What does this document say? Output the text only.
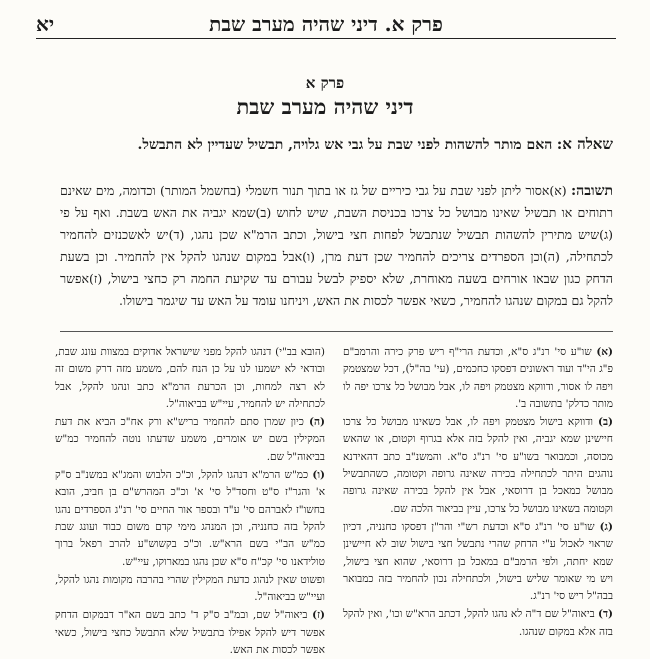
פרק א. דיני שהיה מערב שבת
יא
פרק א
דיני שהיה מערב שבת
שאלה א: האם מותר להשהות לפני שבת על גבי אש גלויה, תבשיל שעדיין לא התבשל.
תשובה: (א)אסור ליתן לפני שבת על גבי כיריים של גז או בתוך תנור חשמלי (בחשמל המותר) וכדומה, מים שאינם רתוחים או תבשיל שאינו מבושל כל צרכו בכניסת השבת, שיש לחוש (ב)שמא יגביה את האש בשבת. ואף על פי (ג)שיש מתירין להשהות תבשיל שנתבשל לפחות חצי בישול, וכתב הרמ"א שכן נהגו, (ד)יש לאשכנזים להחמיר לכתחילה, (ה)וכן הספרדים צריכים להחמיר שכן דעת מרן, (ו)אבל במקום שנהגו להקל אין להחמיר. וכן בשעת הדחק כגון שבאו אורחים בשעה מאוחרת, שלא יספיק לבשל עבורם עד שקיעת החמה רק כחצי בישול, (ז)אפשר להקל גם במקום שנהגו להחמיר, כשאי אפשר לכסות את האש, ויניחנו עומד על האש עד שיגמר בישולו.

(א) שו"ע סי' רנ"ג ס"א, וכדעת הרי"ף ריש פרק כירה והרמב"ם פ"ג הי"ד ועוד ראשונים דפסקו כחכמים, (עי' בה"ל), דכל שמצטמק ויפה לו אסור, ודווקא מצטמק ויפה לו, אבל מבושל כל צרכו יפה לו מותר כדלק' בתשובה ב'.

(ב) ודווקא בישול מצטמק ויפה לו, אבל כשאינו מבושל כל צרכו חיישינן שמא יגביה, ואין להקל בזה אלא בגרוף וקטום, או שהאש מכוסה, וכמבואר בשו"ע סי' רנ"ג ס"א. והמשנ"ב כתב דהאידנא נוהגים היתר לכתחילה בכירה שאינה גרופה וקטומה, כשהתבשיל מבושל כמאכל בן דרוסאי, אבל אין להקל בכירה שאינה גרופה וקטומה בשאינו מבושל כל צרכו, עיין בביאור הלכה שם.

(ג) שו"ע סי' רנ"ג ס"א וכדעת רש"י והר"ן דפסקו כחנניה, דכיון שראוי לאכול ע"י הדחק שהרי נתבשל חצי בישול שוב לא חיישינן שמא יחתה, ולפי הרמב"ם במאכל בן דרוסאי, שהוא חצי בישול, ויש מי שאומר שליש בישול, ולכתחילה נכון להחמיר בזה כמבואר בבה"ל ריש סי' רנ"ג.

(ד) ביאוה"ל שם ד"ה לא נהגו להקל, דכתב הרא"ש וכו', ואין להקל בזה אלא במקום שנהגו.

(הובא בב"י) דנהגו להקל מפני שישראל אדוקים במצוות עונג שבת, ובודאי לא ישמעו לנו על כן הנח להם, משמע מזה דרק משום זה לא רצה למחות, וכן הכרעת הרמ"א כתב ונהגו להקל, אבל לכתחילה יש להחמיר, עיי"ש בביאוה"ל.

(ה) כיון שמרן סתם להחמיר בריש"א ורק אח"כ הביא את דעת המקילין בשם יש אומרים, משמע שדעתו נוטה להחמיר כמ"ש בביאוה"ל שם.

(ו) כמ"ש הרמ"א דנהגו להקל, וכ"כ הלבוש והמג"א במשנ"ב ס"ק א' והגר"ז ס"ט וחסד"ל סי' א' וכ"כ המהרש"ם בן חביב, הובא בחשו"ז לאברהם סי' ע"ד ובספר אור החיים סי' רנ"ג הספרדים נהגו להקל בזה כחנניה, וכן המנהג מימי קדם משום כבוד ועונג שבת כמ"ש הב"י בשם הרא"ש. וכ"כ בקשוש"ע להרב רפאל ברוך טולידאנו סי' קכ"ח ס"א שכן נהגו במארוקו, עיי"ש.

ופשוט שאין לנהוג כדעת המקילין שהרי בהרבה מקומות נהגו להקל, ועיי"ש בביאוה"ל.

(ז) ביאוה"ל שם, ובמ"ב ס"ק ד' כתב בשם הא"ר דבמקום הדחק אפשר דיש להקל אפילו בתבשיל שלא התבשל כחצי בישול, כשאי אפשר לכסות את האש.
